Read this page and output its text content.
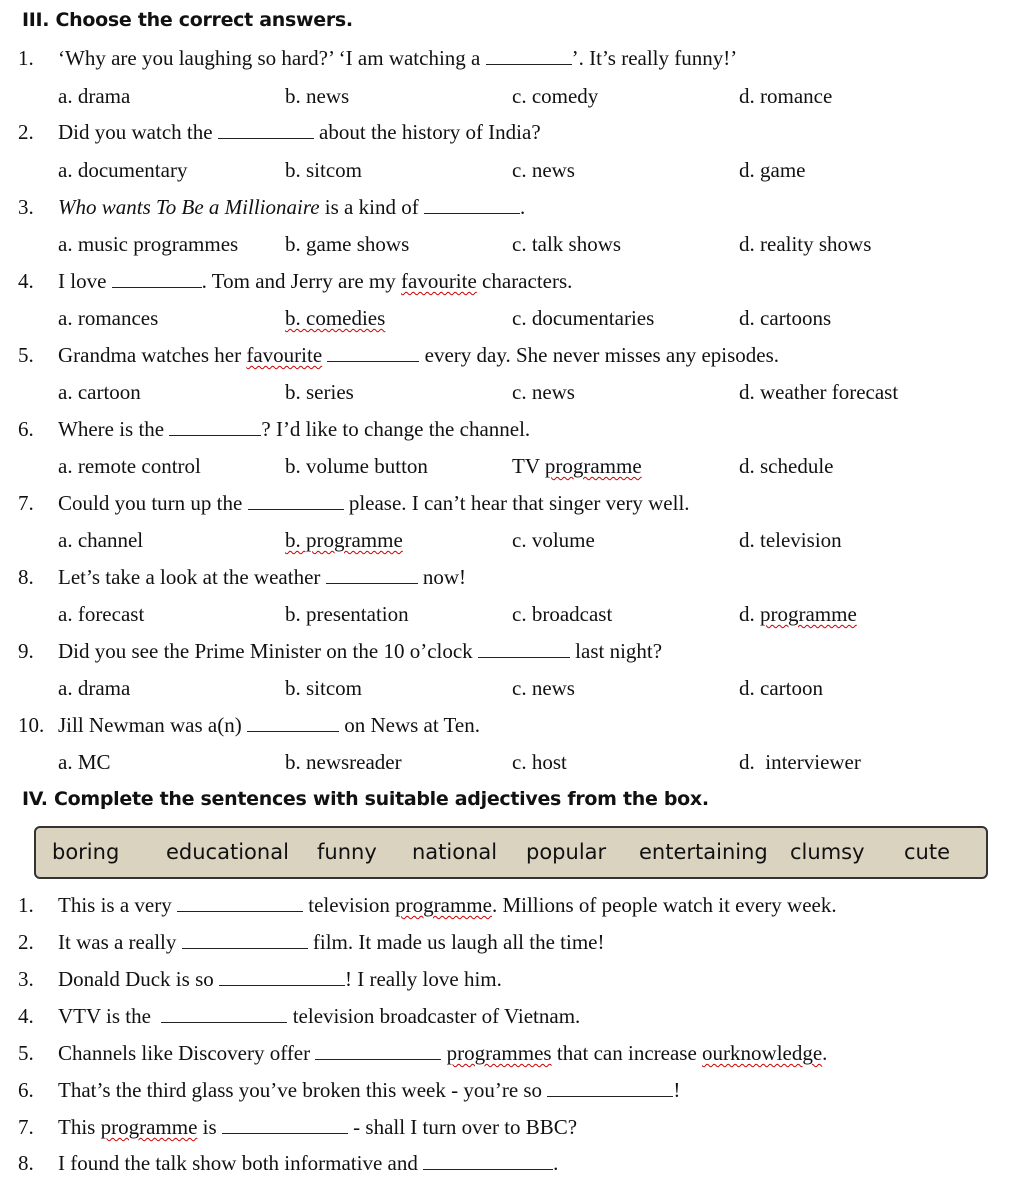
III. Choose the correct answers.
1. ‘Why are you laughing so hard?’ ‘I am watching a	’. It’s really funny!’
a. drama	b. news	c. comedy	d. romance
2. Did you watch the	about the history of India?
a. documentary	b. sitcom	c. news	d. game
3. Who wants To Be a Millionaire is a kind of	.
a. music programmes b. game shows	c. talk shows	d. reality shows
4. I love	. Tom and Jerry are my favourite characters.
a. romances	b. comedies	c. documentaries	d. cartoons
5. Grandma watches her favourite	every day. She never misses any episodes.
a. cartoon	b. series	c. news	d. weather forecast
6. Where is the	? I’d like to change the channel.
a. remote control	b. volume button	TV programme	d. schedule
7. Could you turn up the	please. I can’t hear that singer very well.
a. channel	b. programme	c. volume	d. television
8. Let’s take a look at the weather	now!
a. forecast	b. presentation	c. broadcast	d. programme
9. Did you see the Prime Minister on the 10 o’clock	last night?
a. drama	b. sitcom	c. news	d. cartoon
10. Jill Newman was a(n)	on News at Ten.
a. MC	b. newsreader	c. host	d.  interviewer
IV. Complete the sentences with suitable adjectives from the box.
boring educational funny national popular entertaining clumsy cute
1. This is a very	television programme. Millions of people watch it every week.
2. It was a really	film. It made us laugh all the time!
3. Donald Duck is so	! I really love him.
4. VTV is the	television broadcaster of Vietnam.
5. Channels like Discovery offer	programmes that can increase ourknowledge.
6. That’s the third glass you’ve broken this week - you’re so	!
7. This programme is	- shall I turn over to BBC?
8. I found the talk show both informative and	.
